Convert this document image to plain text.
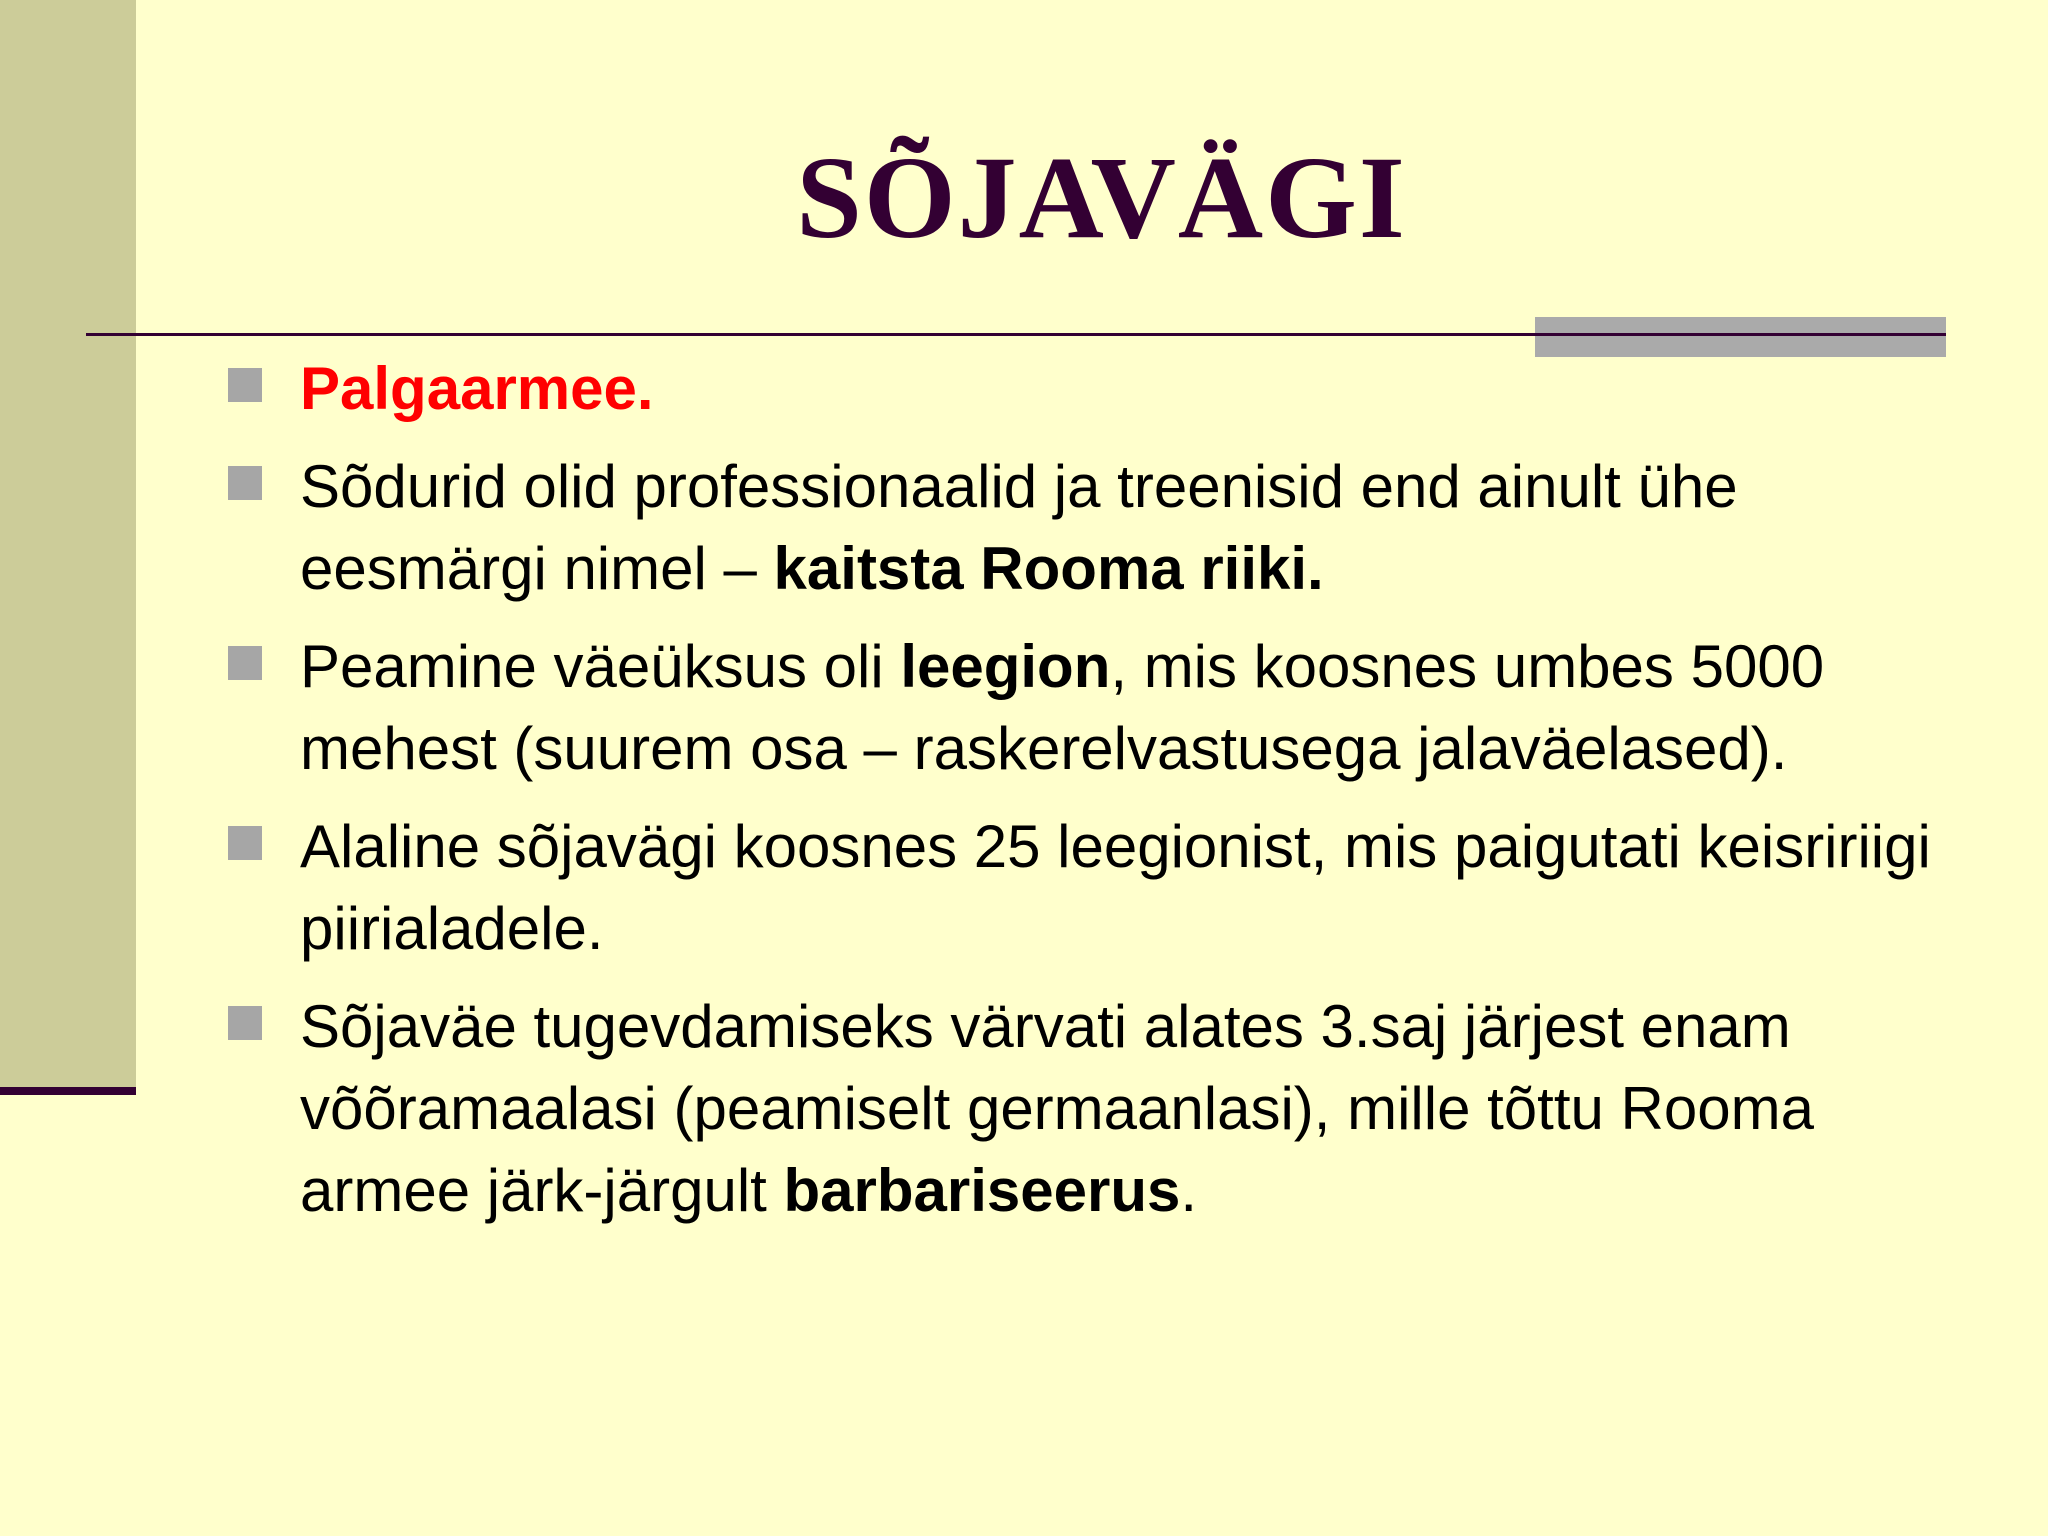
SÕJAVÄGI
Palgaarmee.
Sõdurid olid professionaalid ja treenisid end ainult ühe eesmärgi nimel – kaitsta Rooma riiki.
Peamine väeüksus oli leegion, mis koosnes umbes 5000 mehest (suurem osa – raskerelvastusega jalaväelased).
Alaline sõjavägi koosnes 25 leegionist, mis paigutati keisririigi piirialadele.
Sõjaväe tugevdamiseks värvati alates 3.saj järjest enam võõramaalasi (peamiselt germaanlasi), mille tõttu Rooma armee järk-järgult barbariseerus.
